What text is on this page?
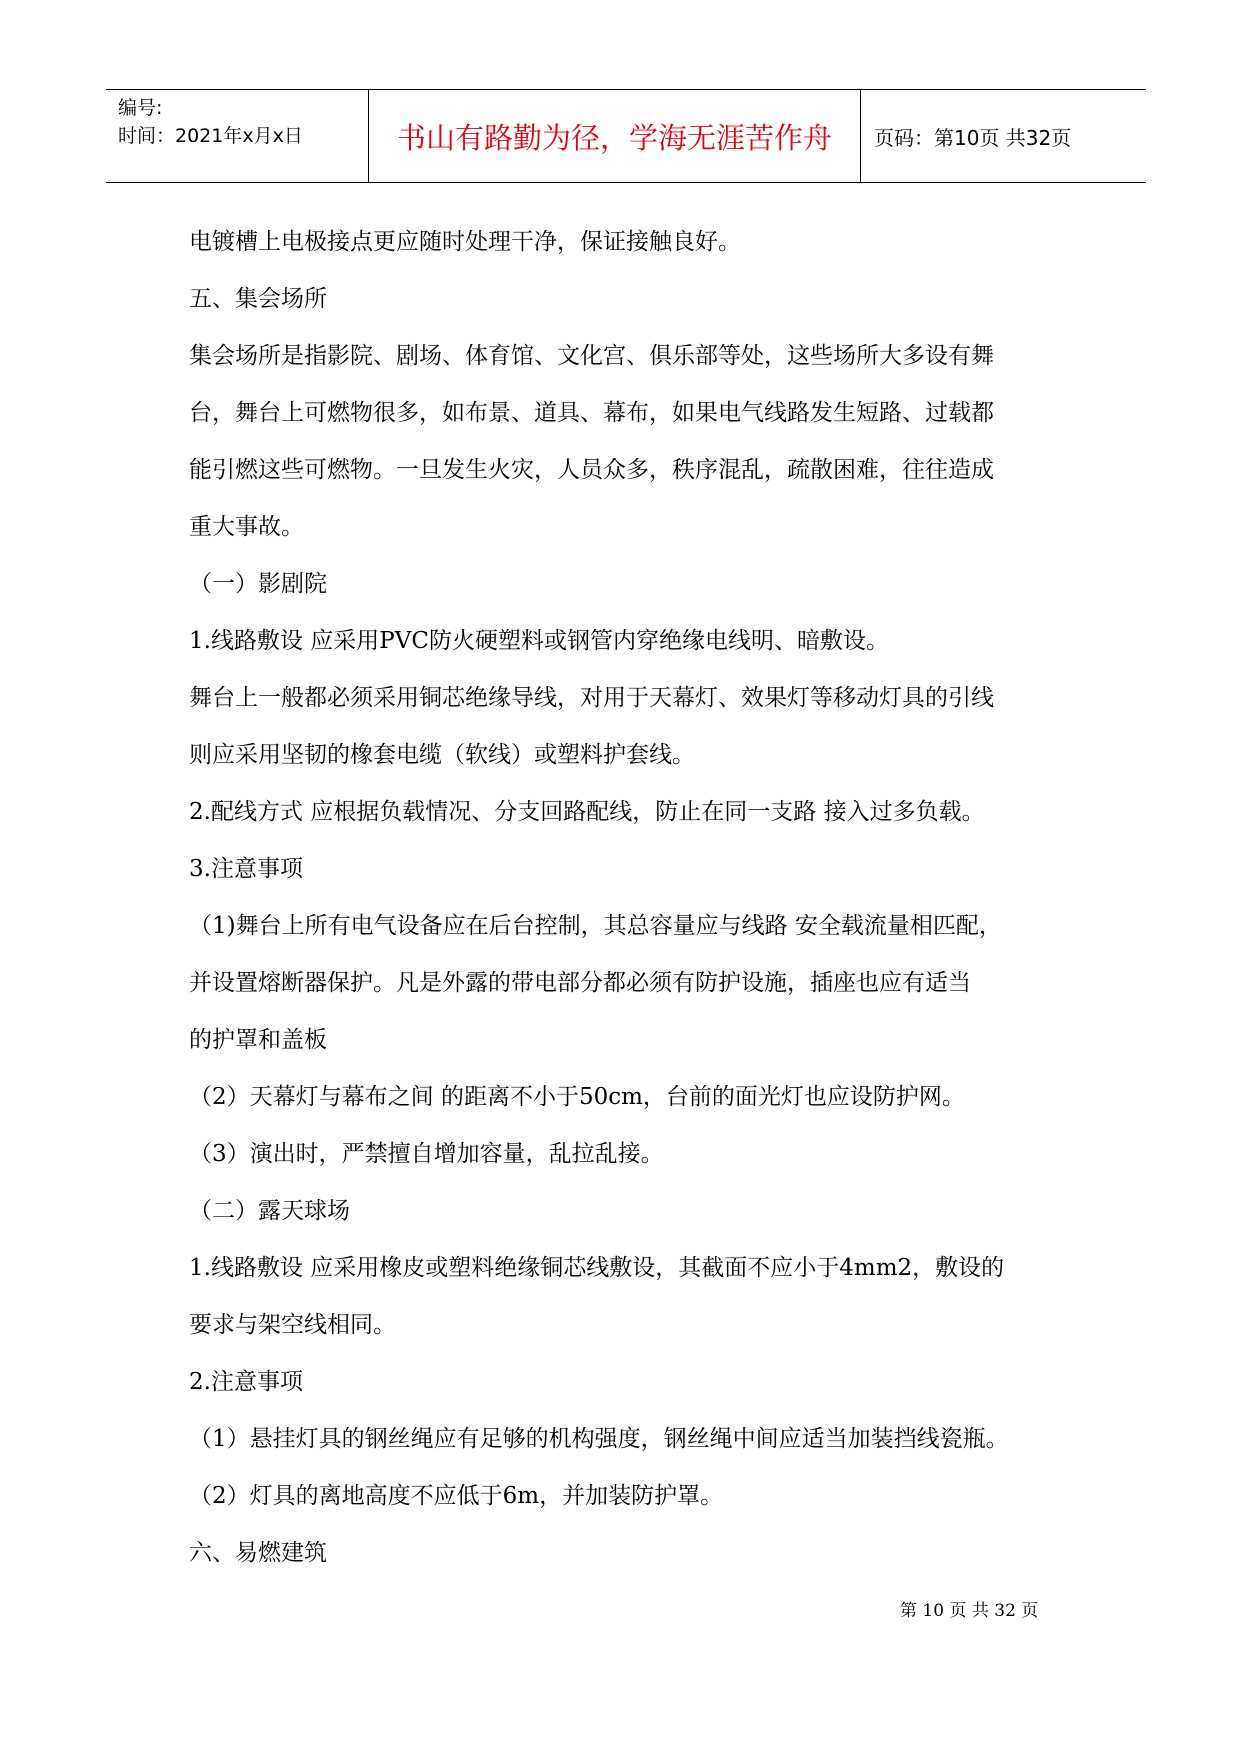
编号:
时间：2021年x月x日	书山有路勤为径，学海无涯苦作舟	页码：第10页 共32页

电镀槽上电极接点更应随时处理干净，保证接触良好。

五、集会场所

集会场所是指影院、剧场、体育馆、文化宫、俱乐部等处，这些场所大多设有舞

台，舞台上可燃物很多，如布景、道具、幕布，如果电气线路发生短路、过载都

能引燃这些可燃物。一旦发生火灾，人员众多，秩序混乱，疏散困难，往往造成

重大事故。

（一）影剧院

1.线路敷设 应采用PVC防火硬塑料或钢管内穿绝缘电线明、暗敷设。

舞台上一般都必须采用铜芯绝缘导线，对用于天幕灯、效果灯等移动灯具的引线

则应采用坚韧的橡套电缆（软线）或塑料护套线。

2.配线方式 应根据负载情况、分支回路配线，防止在同一支路 接入过多负载。

3.注意事项

（1)舞台上所有电气设备应在后台控制，其总容量应与线路 安全载流量相匹配，

并设置熔断器保护。凡是外露的带电部分都必须有防护设施，插座也应有适当

的护罩和盖板

（2）天幕灯与幕布之间 的距离不小于50cm，台前的面光灯也应设防护网。

（3）演出时，严禁擅自增加容量，乱拉乱接。

（二）露天球场

1.线路敷设 应采用橡皮或塑料绝缘铜芯线敷设，其截面不应小于4mm2，敷设的

要求与架空线相同。

2.注意事项

（1）悬挂灯具的钢丝绳应有足够的机构强度，钢丝绳中间应适当加装挡线瓷瓶。

（2）灯具的离地高度不应低于6m，并加装防护罩。

六、易燃建筑

第 10 页 共 32 页
